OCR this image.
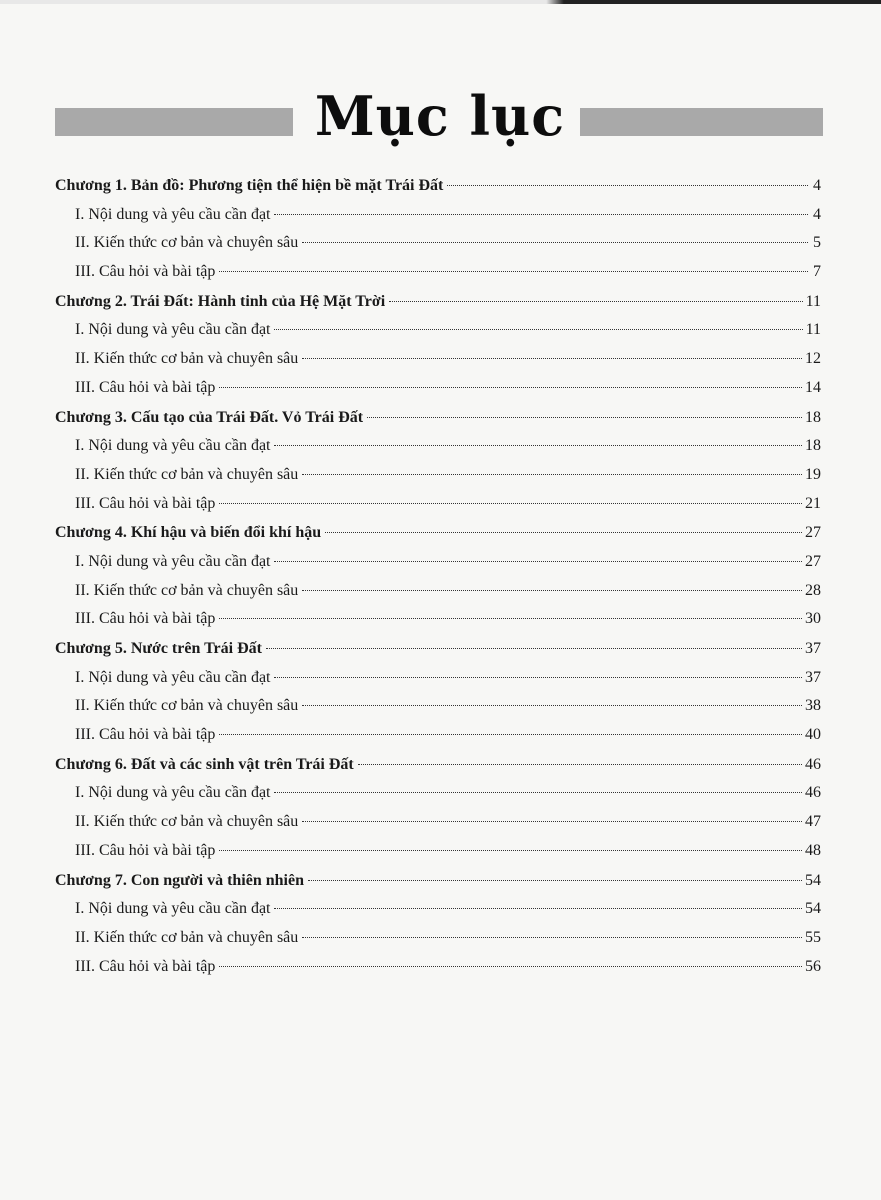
Mục lục
Chương 1. Bản đồ: Phương tiện thể hiện bề mặt Trái Đất	4
I. Nội dung và yêu cầu cần đạt	4
II. Kiến thức cơ bản và chuyên sâu	5
III. Câu hỏi và bài tập	7
Chương 2. Trái Đất: Hành tinh của Hệ Mặt Trời	11
I. Nội dung và yêu cầu cần đạt	11
II. Kiến thức cơ bản và chuyên sâu	12
III. Câu hỏi và bài tập	14
Chương 3. Cấu tạo của Trái Đất. Vỏ Trái Đất	18
I. Nội dung và yêu cầu cần đạt	18
II. Kiến thức cơ bản và chuyên sâu	19
III. Câu hỏi và bài tập	21
Chương 4. Khí hậu và biến đổi khí hậu	27
I. Nội dung và yêu cầu cần đạt	27
II. Kiến thức cơ bản và chuyên sâu	28
III. Câu hỏi và bài tập	30
Chương 5. Nước trên Trái Đất	37
I. Nội dung và yêu cầu cần đạt	37
II. Kiến thức cơ bản và chuyên sâu	38
III. Câu hỏi và bài tập	40
Chương 6. Đất và các sinh vật trên Trái Đất	46
I. Nội dung và yêu cầu cần đạt	46
II. Kiến thức cơ bản và chuyên sâu	47
III. Câu hỏi và bài tập	48
Chương 7. Con người và thiên nhiên	54
I. Nội dung và yêu cầu cần đạt	54
II. Kiến thức cơ bản và chuyên sâu	55
III. Câu hỏi và bài tập	56
